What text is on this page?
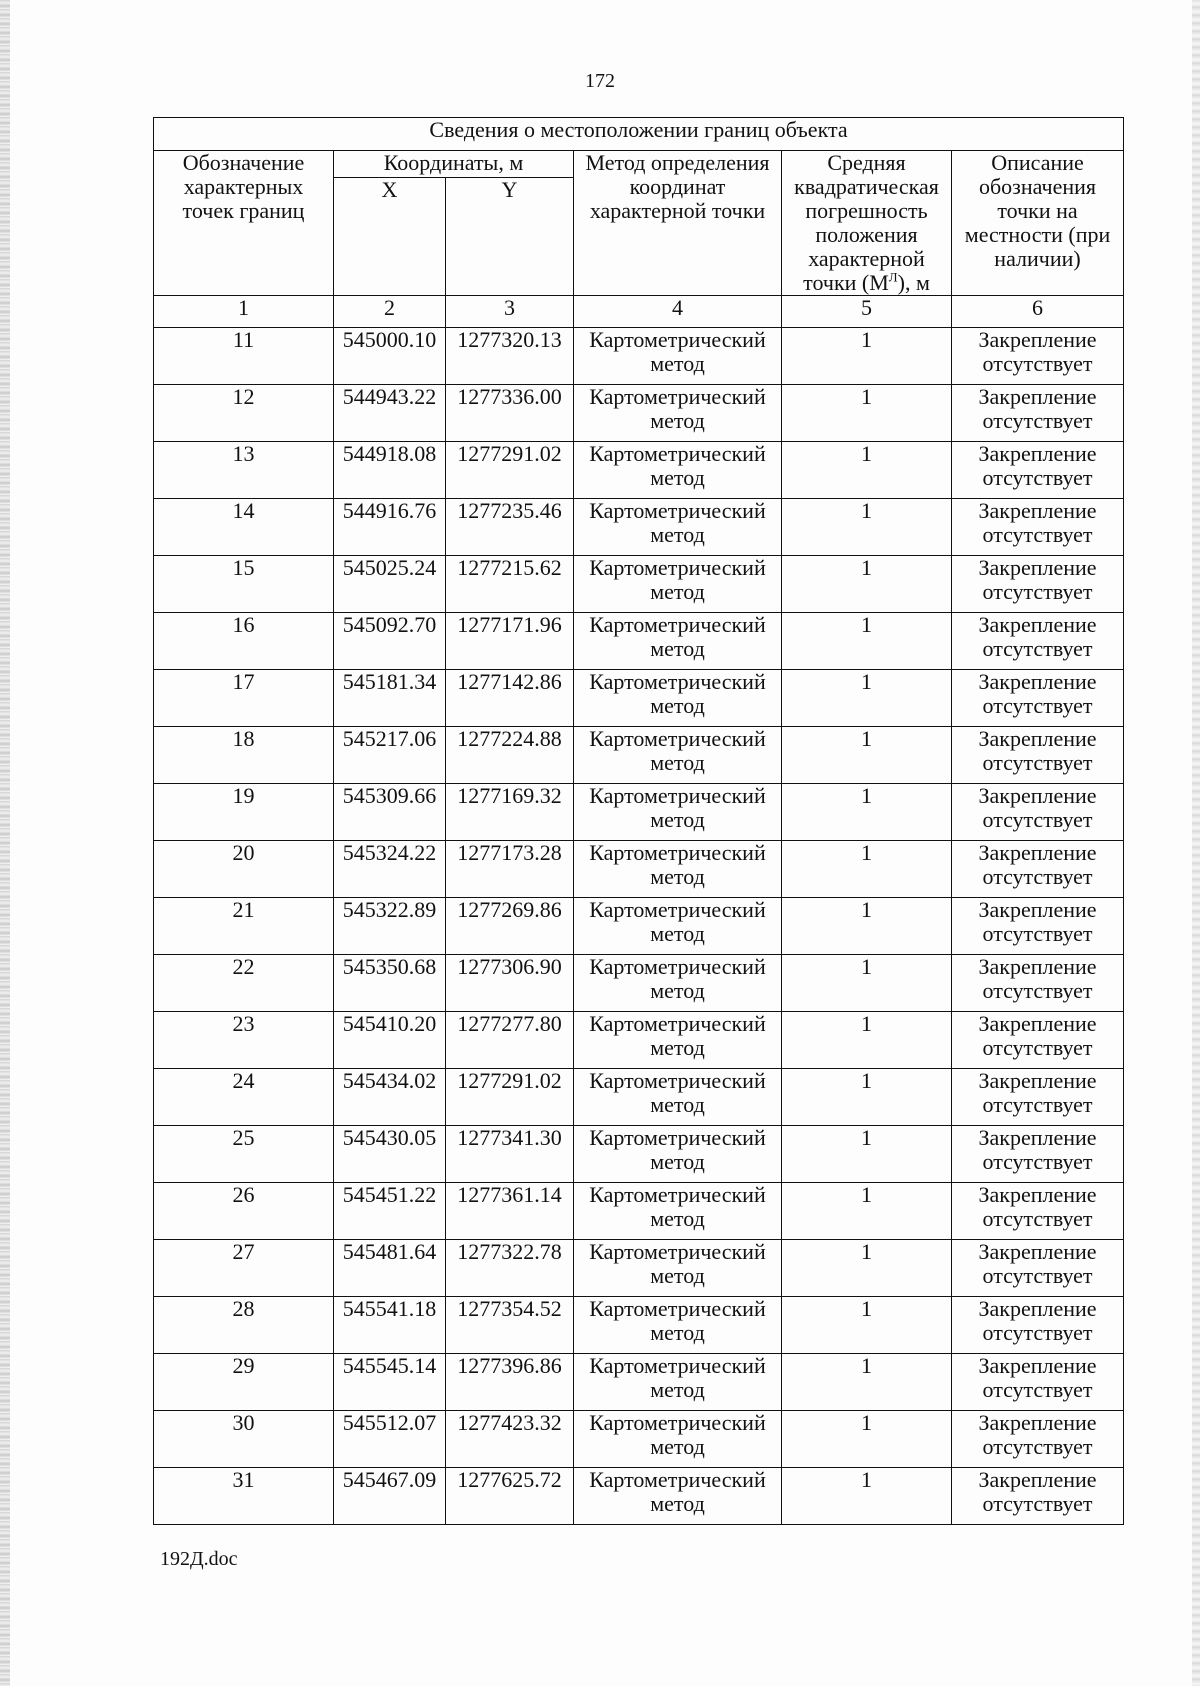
172
Сведения о местоположении границ объекта					
Обозначение характерных точек границ	Координаты, м		Метод определения координат характерной точки	Средняя квадратическая погрешность положения характерной точки $(М^Л)$, м	Описание обозначения точки на местности (при наличии)
	X	Y			
1	2	3	4	5	6
11	545000.10	1277320.13	Картометрический метод	1	Закрепление отсутствует
12	544943.22	1277336.00	Картометрический метод	1	Закрепление отсутствует
13	544918.08	1277291.02	Картометрический метод	1	Закрепление отсутствует
14	544916.76	1277235.46	Картометрический метод	1	Закрепление отсутствует
15	545025.24	1277215.62	Картометрический метод	1	Закрепление отсутствует
16	545092.70	1277171.96	Картометрический метод	1	Закрепление отсутствует
17	545181.34	1277142.86	Картометрический метод	1	Закрепление отсутствует
18	545217.06	1277224.88	Картометрический метод	1	Закрепление отсутствует
19	545309.66	1277169.32	Картометрический метод	1	Закрепление отсутствует
20	545324.22	1277173.28	Картометрический метод	1	Закрепление отсутствует
21	545322.89	1277269.86	Картометрический метод	1	Закрепление отсутствует
22	545350.68	1277306.90	Картометрический метод	1	Закрепление отсутствует
23	545410.20	1277277.80	Картометрический метод	1	Закрепление отсутствует
24	545434.02	1277291.02	Картометрический метод	1	Закрепление отсутствует
25	545430.05	1277341.30	Картометрический метод	1	Закрепление отсутствует
26	545451.22	1277361.14	Картометрический метод	1	Закрепление отсутствует
27	545481.64	1277322.78	Картометрический метод	1	Закрепление отсутствует
28	545541.18	1277354.52	Картометрический метод	1	Закрепление отсутствует
29	545545.14	1277396.86	Картометрический метод	1	Закрепление отсутствует
30	545512.07	1277423.32	Картометрический метод	1	Закрепление отсутствует
31	545467.09	1277625.72	Картометрический метод	1	Закрепление отсутствует
192Д.doc
